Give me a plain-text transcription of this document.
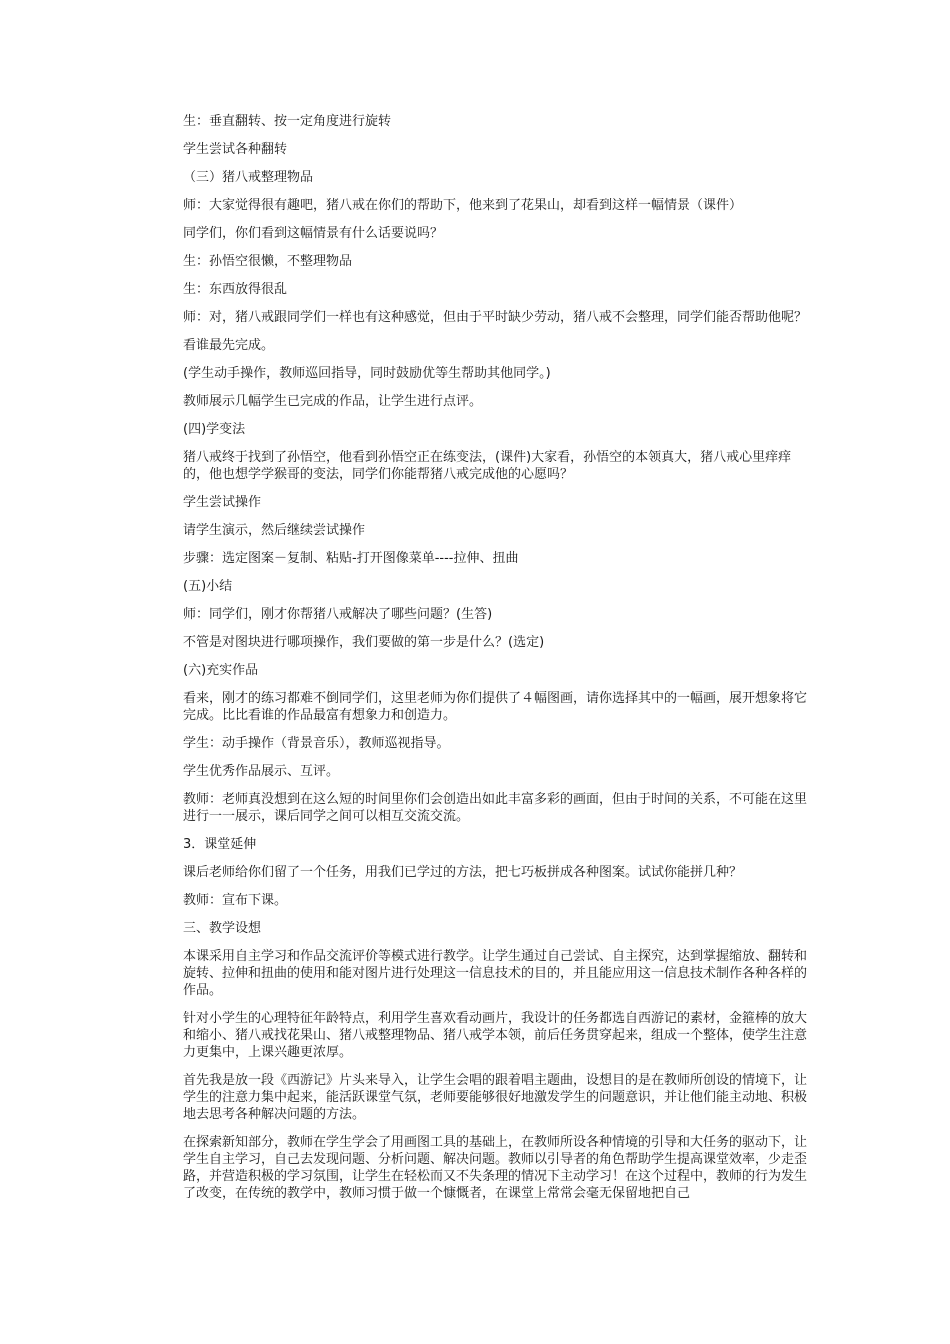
生：垂直翻转、按一定角度进行旋转

学生尝试各种翻转

（三）猪八戒整理物品

师：大家觉得很有趣吧，猪八戒在你们的帮助下，他来到了花果山，却看到这样一幅情景（课件）

同学们，你们看到这幅情景有什么话要说吗？

生：孙悟空很懒，不整理物品

生：东西放得很乱

师：对，猪八戒跟同学们一样也有这种感觉，但由于平时缺少劳动，猪八戒不会整理，同学们能否帮助他呢？

看谁最先完成。

(学生动手操作，教师巡回指导，同时鼓励优等生帮助其他同学。)

教师展示几幅学生已完成的作品，让学生进行点评。

(四)学变法

猪八戒终于找到了孙悟空，他看到孙悟空正在练变法，(课件)大家看，孙悟空的本领真大，猪八戒心里痒痒的，他也想学学猴哥的变法，同学们你能帮猪八戒完成他的心愿吗？

学生尝试操作

请学生演示，然后继续尝试操作

步骤：选定图案－复制、粘贴-打开图像菜单----拉伸、扭曲

(五)小结

师：同学们，刚才你帮猪八戒解决了哪些问题？(生答)

不管是对图块进行哪项操作，我们要做的第一步是什么？(选定)

(六)充实作品

看来，刚才的练习都难不倒同学们，这里老师为你们提供了４幅图画，请你选择其中的一幅画，展开想象将它完成。比比看谁的作品最富有想象力和创造力。

学生：动手操作（背景音乐），教师巡视指导。

学生优秀作品展示、互评。

教师：老师真没想到在这么短的时间里你们会创造出如此丰富多彩的画面，但由于时间的关系，不可能在这里进行一一展示，课后同学之间可以相互交流交流。

3．课堂延伸

课后老师给你们留了一个任务，用我们已学过的方法，把七巧板拼成各种图案。试试你能拼几种？

教师：宣布下课。

三、教学设想

本课采用自主学习和作品交流评价等模式进行教学。让学生通过自己尝试、自主探究，达到掌握缩放、翻转和旋转、拉伸和扭曲的使用和能对图片进行处理这一信息技术的目的，并且能应用这一信息技术制作各种各样的作品。

针对小学生的心理特征年龄特点，利用学生喜欢看动画片，我设计的任务都选自西游记的素材，金箍棒的放大和缩小、猪八戒找花果山、猪八戒整理物品、猪八戒学本领，前后任务贯穿起来，组成一个整体，使学生注意力更集中，上课兴趣更浓厚。

首先我是放一段《西游记》片头来导入，让学生会唱的跟着唱主题曲，设想目的是在教师所创设的情境下，让学生的注意力集中起来，能活跃课堂气氛，老师要能够很好地激发学生的问题意识，并让他们能主动地、积极地去思考各种解决问题的方法。

在探索新知部分，教师在学生学会了用画图工具的基础上，在教师所设各种情境的引导和大任务的驱动下，让学生自主学习，自己去发现问题、分析问题、解决问题。教师以引导者的角色帮助学生提高课堂效率，少走歪路，并营造积极的学习氛围，让学生在轻松而又不失条理的情况下主动学习！在这个过程中，教师的行为发生了改变，在传统的教学中，教师习惯于做一个慷慨者，在课堂上常常会毫无保留地把自己
